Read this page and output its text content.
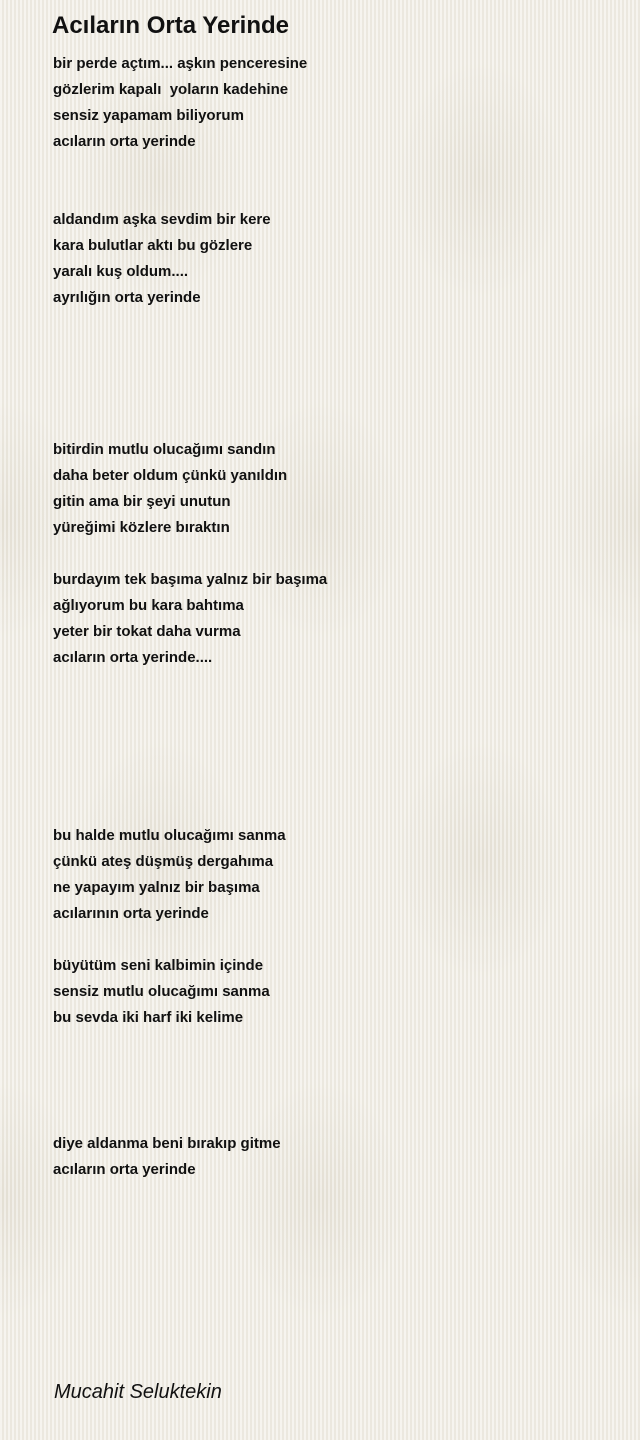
Acıların Orta Yerinde
bir perde açtım... aşkın penceresine
gözlerim kapalı  yoların kadehine
sensiz yapamam biliyorum
acıların orta yerinde
aldandım aşka sevdim bir kere
kara bulutlar aktı bu gözlere
yaralı kuş oldum....
ayrılığın orta yerinde
bitirdin mutlu olucağımı sandın
daha beter oldum çünkü yanıldın
gitin ama bir şeyi unutun
yüreğimi közlere bıraktın
burdayım tek başıma yalnız bir başıma
ağlıyorum bu kara bahtıma
yeter bir tokat daha vurma
acıların orta yerinde....
bu halde mutlu olucağımı sanma
çünkü ateş düşmüş dergahıma
ne yapayım yalnız bir başıma
acılarının orta yerinde
büyütüm seni kalbimin içinde
sensiz mutlu olucağımı sanma
bu sevda iki harf iki kelime
diye aldanma beni bırakıp gitme
acıların orta yerinde
Mucahit Seluktekin
